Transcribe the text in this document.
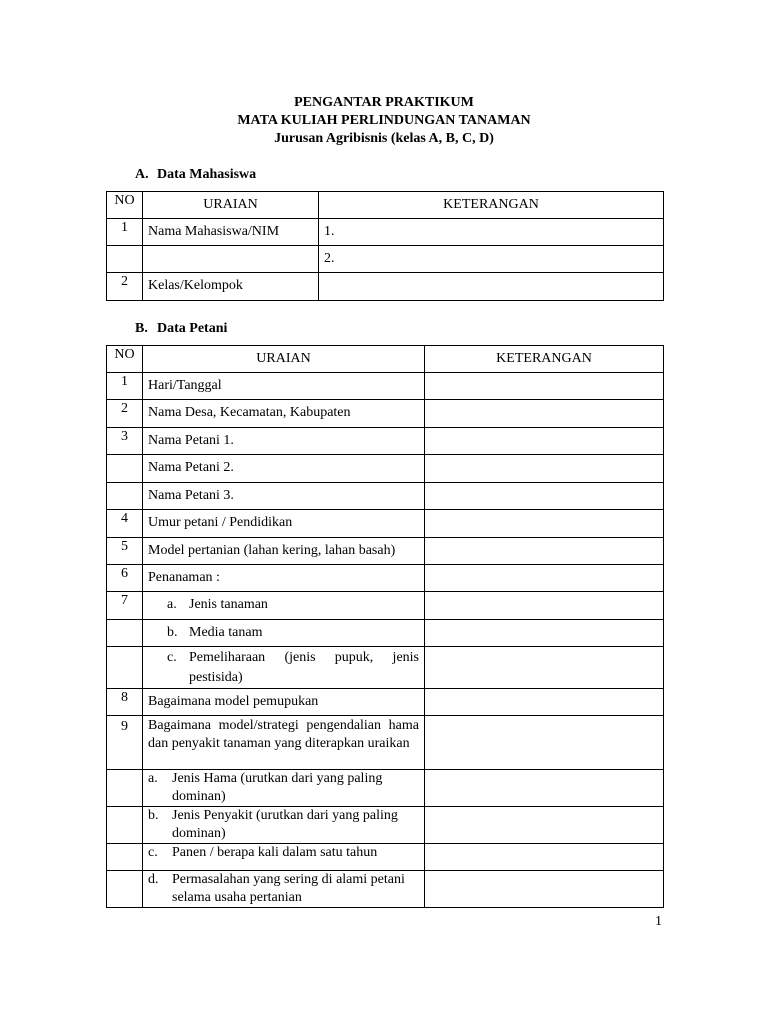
PENGANTAR PRAKTIKUM
MATA KULIAH PERLINDUNGAN TANAMAN
Jurusan Agribisnis (kelas A, B, C, D)
A. Data Mahasiswa
NO	URAIAN	KETERANGAN
1	Nama Mahasiswa/NIM	1.
		2.
2	Kelas/Kelompok	
B. Data Petani
NO	URAIAN	KETERANGAN
1	Hari/Tanggal	
2	Nama Desa, Kecamatan, Kabupaten	
3	Nama Petani 1.	
	Nama Petani 2.	
	Nama Petani 3.	
4	Umur petani / Pendidikan	
5	Model pertanian (lahan kering, lahan basah)	
6	Penanaman :	
7	a. Jenis tanaman	

	b. Media tanam	

	c. Pemeliharaan (jenis pupuk, jenis pestisida)	

8	Bagaimana model pemupukan	
9	Bagaimana model/strategi pengendalian hama dan penyakit tanaman yang diterapkan uraikan	

	a. Jenis Hama (urutkan dari yang paling dominan)	

	b. Jenis Penyakit (urutkan dari yang paling dominan)	

	c. Panen / berapa kali dalam satu tahun	

	d. Permasalahan yang sering di alami petani selama usaha pertanian	

1
